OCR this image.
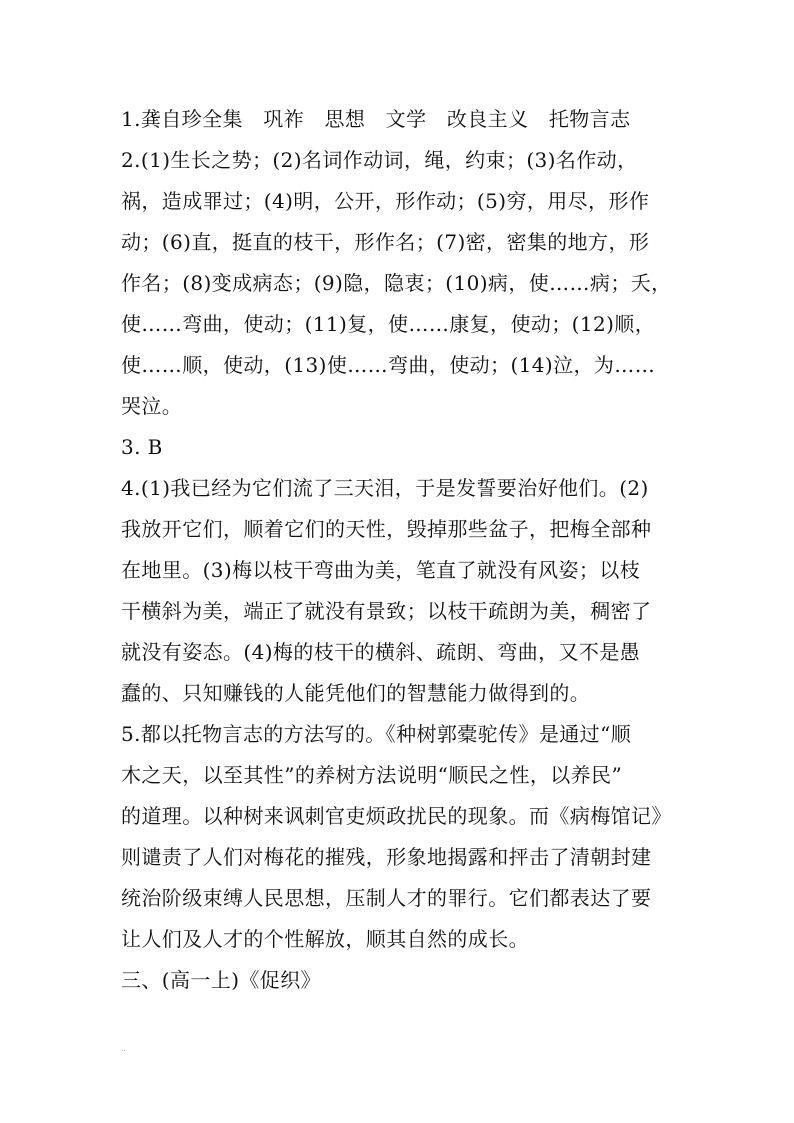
1.龚自珍全集　巩祚　思想　文学　改良主义　托物言志
2.(1)生长之势；(2)名词作动词，绳，约束；(3)名作动，
祸，造成罪过；(4)明，公开，形作动；(5)穷，用尽，形作
动；(6)直，挺直的枝干，形作名；(7)密，密集的地方，形
作名；(8)变成病态；(9)隐，隐衷；(10)病，使……病；夭，
使……弯曲，使动；(11)复，使……康复，使动；(12)顺，
使……顺，使动，(13)使……弯曲，使动；(14)泣，为……
哭泣。
3. B
4.(1)我已经为它们流了三天泪，于是发誓要治好他们。(2)
我放开它们，顺着它们的天性，毁掉那些盆子，把梅全部种
在地里。(3)梅以枝干弯曲为美，笔直了就没有风姿；以枝
干横斜为美，端正了就没有景致；以枝干疏朗为美，稠密了
就没有姿态。(4)梅的枝干的横斜、疏朗、弯曲，又不是愚
蠢的、只知赚钱的人能凭他们的智慧能力做得到的。
5.都以托物言志的方法写的。《种树郭橐驼传》是通过“顺
木之天，以至其性”的养树方法说明“顺民之性，以养民”
的道理。以种树来讽刺官吏烦政扰民的现象。而《病梅馆记》
则谴责了人们对梅花的摧残，形象地揭露和抨击了清朝封建
统治阶级束缚人民思想，压制人才的罪行。它们都表达了要
让人们及人才的个性解放，顺其自然的成长。
三、(高一上)《促织》
..
